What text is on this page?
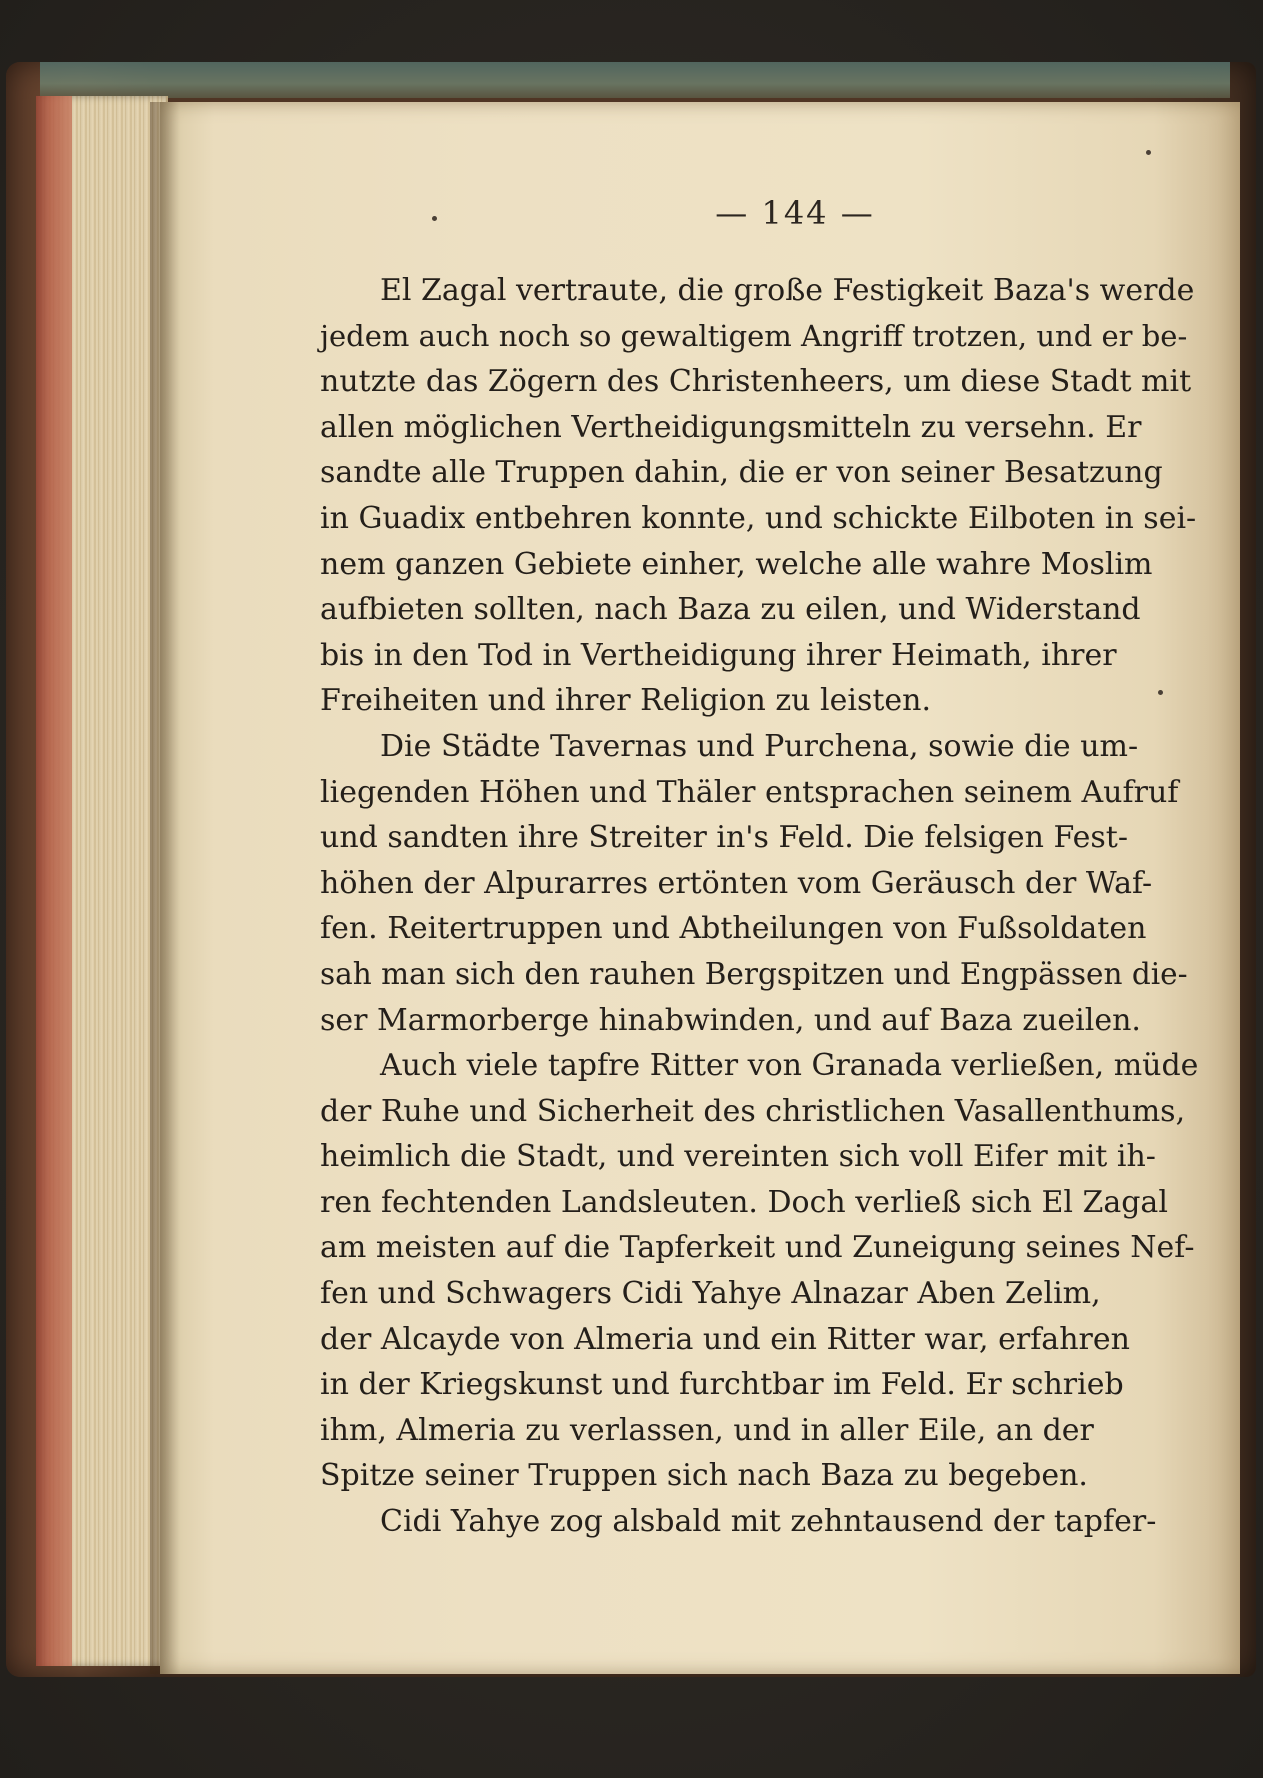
— 144 —
El Zagal vertraute, die große Festigkeit Baza's werde
jedem auch noch so gewaltigem Angriff trotzen, und er be-
nutzte das Zögern des Christenheers, um diese Stadt mit
allen möglichen Vertheidigungsmitteln zu versehn. Er
sandte alle Truppen dahin, die er von seiner Besatzung
in Guadix entbehren konnte, und schickte Eilboten in sei-
nem ganzen Gebiete einher, welche alle wahre Moslim
aufbieten sollten, nach Baza zu eilen, und Widerstand
bis in den Tod in Vertheidigung ihrer Heimath, ihrer
Freiheiten und ihrer Religion zu leisten.
Die Städte Tavernas und Purchena, sowie die um-
liegenden Höhen und Thäler entsprachen seinem Aufruf
und sandten ihre Streiter in's Feld. Die felsigen Fest-
höhen der Alpurarres ertönten vom Geräusch der Waf-
fen. Reitertruppen und Abtheilungen von Fußsoldaten
sah man sich den rauhen Bergspitzen und Engpässen die-
ser Marmorberge hinabwinden, und auf Baza zueilen.
Auch viele tapfre Ritter von Granada verließen, müde
der Ruhe und Sicherheit des christlichen Vasallenthums,
heimlich die Stadt, und vereinten sich voll Eifer mit ih-
ren fechtenden Landsleuten. Doch verließ sich El Zagal
am meisten auf die Tapferkeit und Zuneigung seines Nef-
fen und Schwagers Cidi Yahye Alnazar Aben Zelim,
der Alcayde von Almeria und ein Ritter war, erfahren
in der Kriegskunst und furchtbar im Feld. Er schrieb
ihm, Almeria zu verlassen, und in aller Eile, an der
Spitze seiner Truppen sich nach Baza zu begeben.
Cidi Yahye zog alsbald mit zehntausend der tapfer-
